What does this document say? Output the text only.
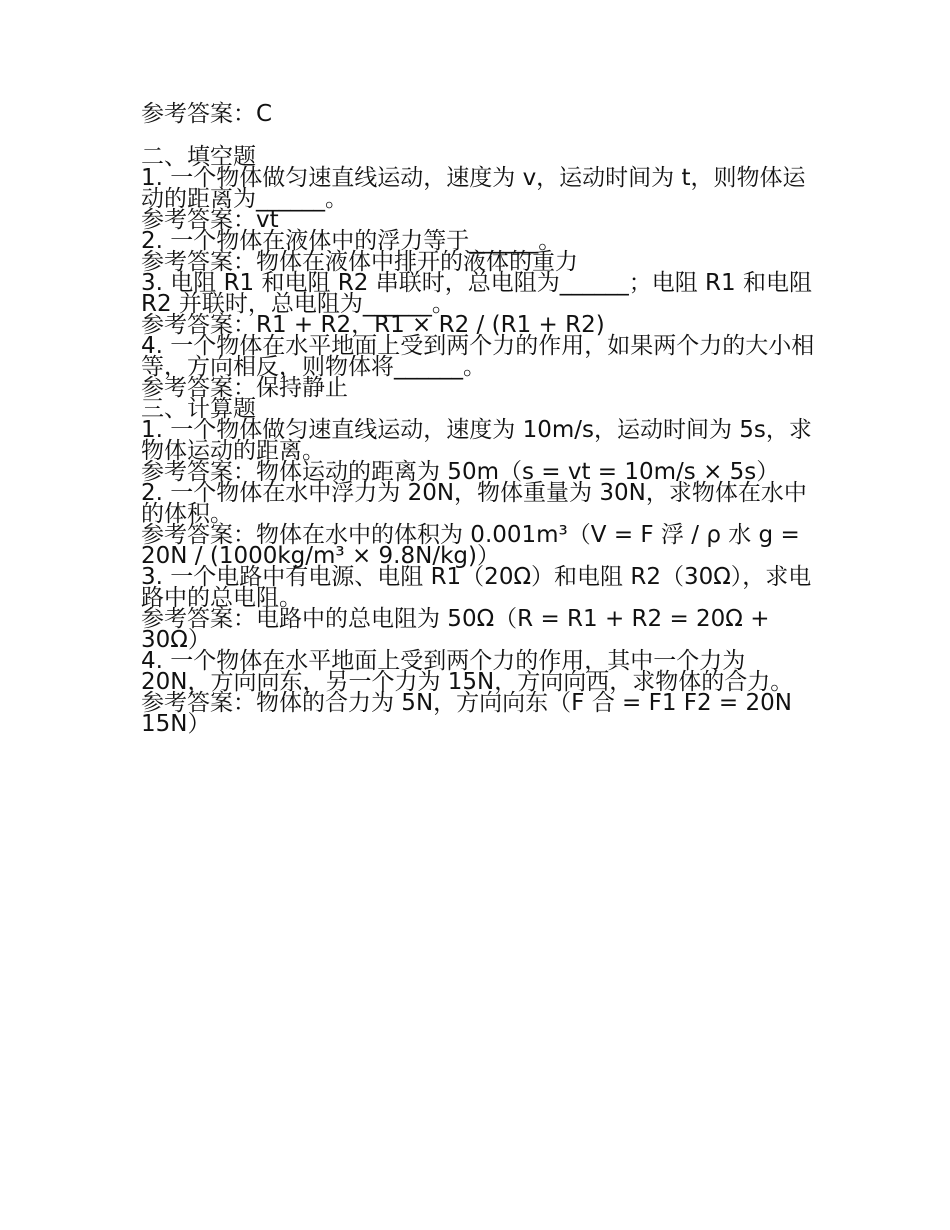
参考答案：C

二、填空题

1. 一个物体做匀速直线运动，速度为 v，运动时间为 t，则物体运动的距离为______。

参考答案：vt

2. 一个物体在液体中的浮力等于______。

参考答案：物体在液体中排开的液体的重力

3. 电阻 R1 和电阻 R2 串联时，总电阻为______；电阻 R1 和电阻 R2 并联时，总电阻为______。

参考答案：R1 + R2，R1 × R2 / (R1 + R2)

4. 一个物体在水平地面上受到两个力的作用，如果两个力的大小相等，方向相反，则物体将______。

参考答案：保持静止

三、计算题

1. 一个物体做匀速直线运动，速度为 10m/s，运动时间为 5s，求物体运动的距离。

参考答案：物体运动的距离为 50m（s = vt = 10m/s × 5s）

2. 一个物体在水中浮力为 20N，物体重量为 30N，求物体在水中的体积。

参考答案：物体在水中的体积为 0.001m³（V = F 浮 / ρ 水 g = 20N / (1000kg/m³ × 9.8N/kg)）

3. 一个电路中有电源、电阻 R1（20Ω）和电阻 R2（30Ω），求电路中的总电阻。

参考答案：电路中的总电阻为 50Ω（R = R1 + R2 = 20Ω + 30Ω）

4. 一个物体在水平地面上受到两个力的作用，其中一个力为 20N，方向向东，另一个力为 15N，方向向西，求物体的合力。

参考答案：物体的合力为 5N，方向向东（F 合 = F1 F2 = 20N 15N）
